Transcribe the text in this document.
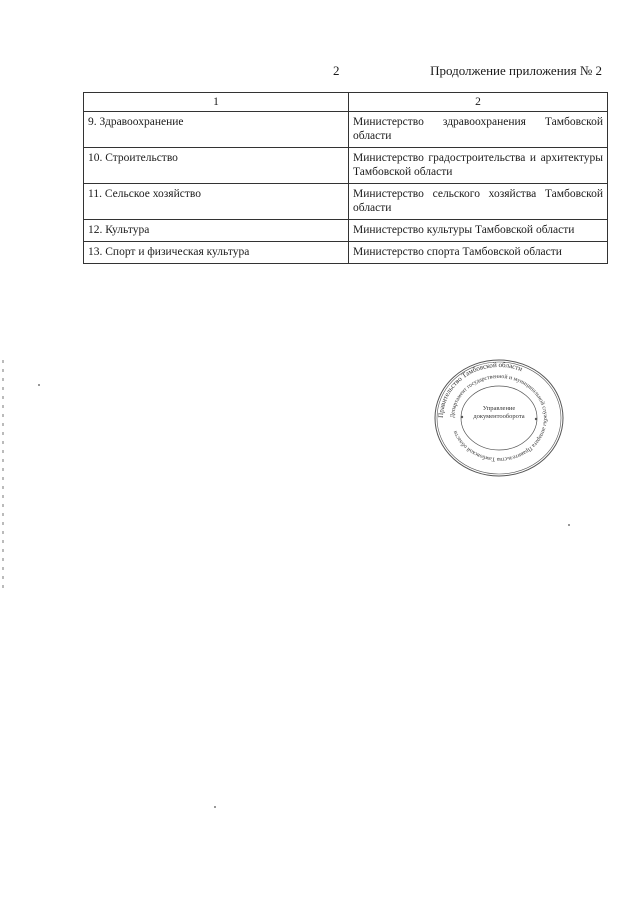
2	Продолжение приложения № 2
1	2
9. Здравоохранение	Министерство здравоохранения Тамбовской области
10. Строительство	Министерство градостроительства и архитектуры Тамбовской области
11. Сельское хозяйство	Министерство сельского хозяйства Тамбовской области
12. Культура	Министерство культуры Тамбовской области
13. Спорт и физическая культура	Министерство спорта Тамбовской области
Правительство Тамбовской области
Департамент государственной и муниципальной службы аппарата Правительства Тамбовской области
Управление документооборота
